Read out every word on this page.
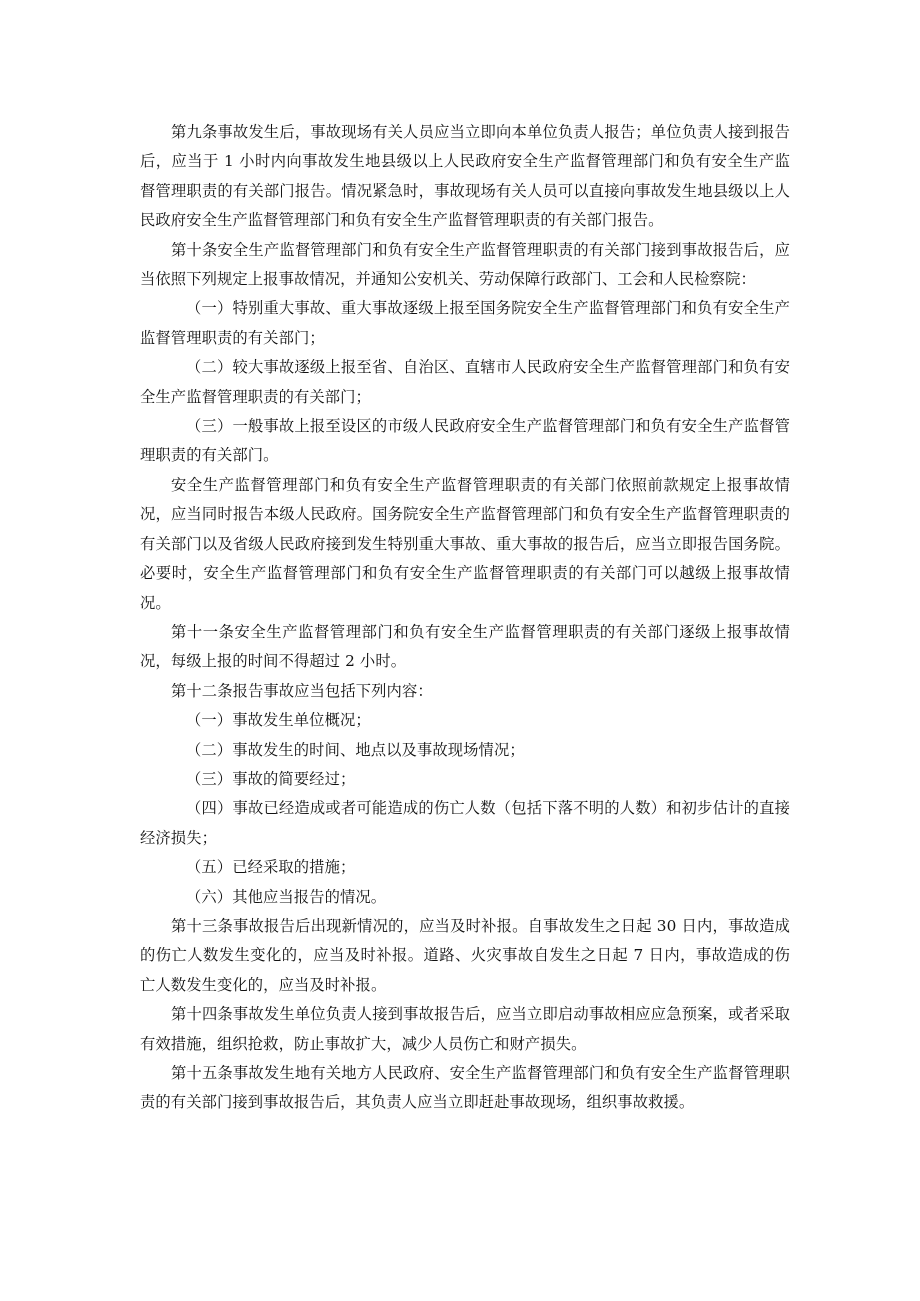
第九条事故发生后，事故现场有关人员应当立即向本单位负责人报告；单位负责人接到报告后，应当于 1 小时内向事故发生地县级以上人民政府安全生产监督管理部门和负有安全生产监督管理职责的有关部门报告。情况紧急时，事故现场有关人员可以直接向事故发生地县级以上人民政府安全生产监督管理部门和负有安全生产监督管理职责的有关部门报告。

第十条安全生产监督管理部门和负有安全生产监督管理职责的有关部门接到事故报告后，应当依照下列规定上报事故情况，并通知公安机关、劳动保障行政部门、工会和人民检察院：

（一）特别重大事故、重大事故逐级上报至国务院安全生产监督管理部门和负有安全生产监督管理职责的有关部门；

（二）较大事故逐级上报至省、自治区、直辖市人民政府安全生产监督管理部门和负有安全生产监督管理职责的有关部门；

（三）一般事故上报至设区的市级人民政府安全生产监督管理部门和负有安全生产监督管理职责的有关部门。

安全生产监督管理部门和负有安全生产监督管理职责的有关部门依照前款规定上报事故情况，应当同时报告本级人民政府。国务院安全生产监督管理部门和负有安全生产监督管理职责的有关部门以及省级人民政府接到发生特别重大事故、重大事故的报告后，应当立即报告国务院。必要时，安全生产监督管理部门和负有安全生产监督管理职责的有关部门可以越级上报事故情况。

第十一条安全生产监督管理部门和负有安全生产监督管理职责的有关部门逐级上报事故情况，每级上报的时间不得超过 2 小时。

第十二条报告事故应当包括下列内容：

（一）事故发生单位概况；

（二）事故发生的时间、地点以及事故现场情况；

（三）事故的简要经过；

（四）事故已经造成或者可能造成的伤亡人数（包括下落不明的人数）和初步估计的直接经济损失；

（五）已经采取的措施；

（六）其他应当报告的情况。

第十三条事故报告后出现新情况的，应当及时补报。自事故发生之日起 30 日内，事故造成的伤亡人数发生变化的，应当及时补报。道路、火灾事故自发生之日起 7 日内，事故造成的伤亡人数发生变化的，应当及时补报。

第十四条事故发生单位负责人接到事故报告后，应当立即启动事故相应应急预案，或者采取有效措施，组织抢救，防止事故扩大，减少人员伤亡和财产损失。

第十五条事故发生地有关地方人民政府、安全生产监督管理部门和负有安全生产监督管理职责的有关部门接到事故报告后，其负责人应当立即赶赴事故现场，组织事故救援。
